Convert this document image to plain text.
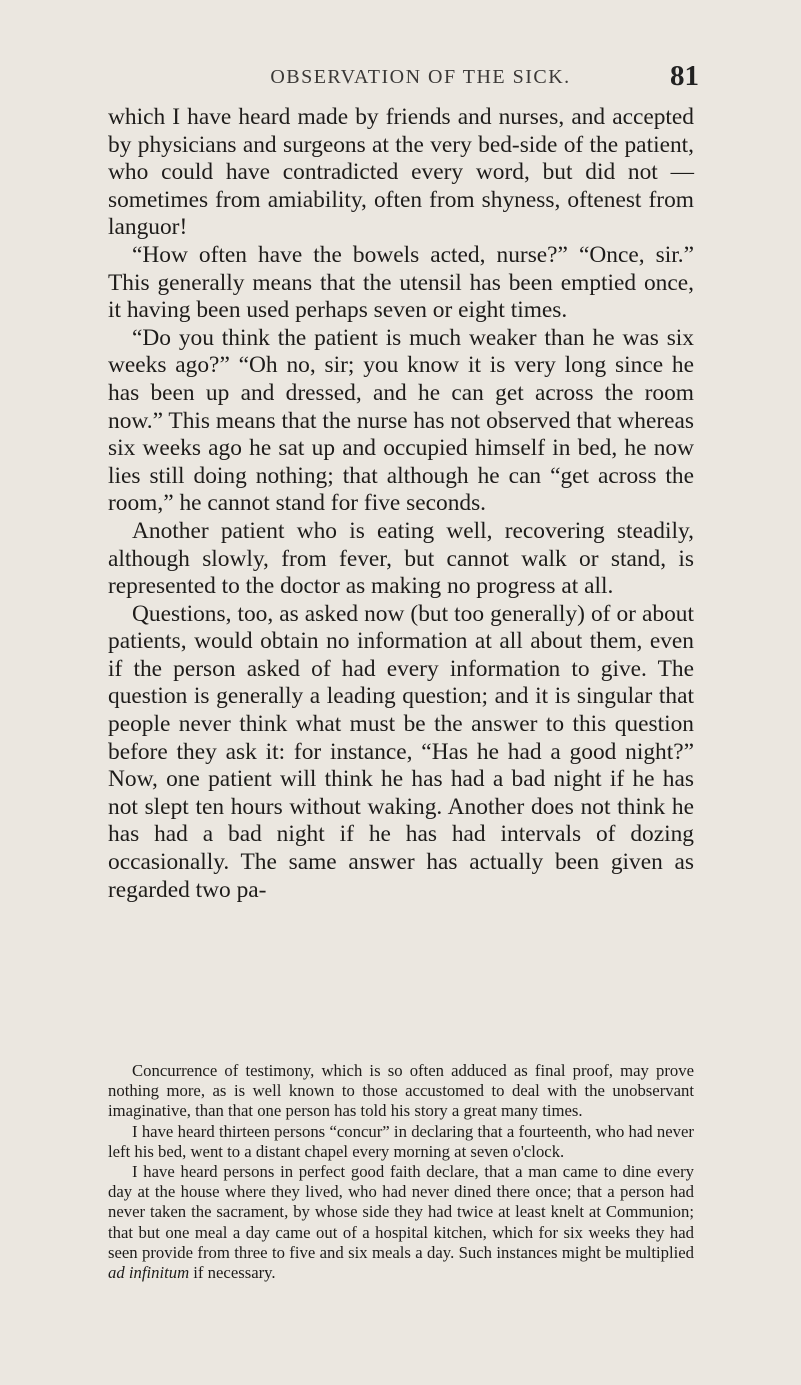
OBSERVATION OF THE SICK.	81

which I have heard made by friends and nurses, and accepted by physicians and surgeons at the very bed-side of the patient, who could have contradicted every word, but did not — sometimes from amiability, often from shyness, oftenest from languor!

“How often have the bowels acted, nurse?” “Once, sir.” This generally means that the utensil has been emptied once, it having been used perhaps seven or eight times.

“Do you think the patient is much weaker than he was six weeks ago?” “Oh no, sir; you know it is very long since he has been up and dressed, and he can get across the room now.” This means that the nurse has not observed that whereas six weeks ago he sat up and occupied himself in bed, he now lies still doing nothing; that although he can “get across the room,” he cannot stand for five seconds.

Another patient who is eating well, recovering steadily, although slowly, from fever, but cannot walk or stand, is represented to the doctor as making no progress at all.

Questions, too, as asked now (but too generally) of or about patients, would obtain no information at all about them, even if the person asked of had every information to give. The question is generally a leading question; and it is singular that people never think what must be the answer to this question before they ask it: for instance, “Has he had a good night?” Now, one patient will think he has had a bad night if he has not slept ten hours without waking. Another does not think he has had a bad night if he has had intervals of dozing occasionally. The same answer has actually been given as regarded two pa-

Concurrence of testimony, which is so often adduced as final proof, may prove nothing more, as is well known to those accustomed to deal with the unobservant imaginative, than that one person has told his story a great many times.

I have heard thirteen persons “concur” in declaring that a fourteenth, who had never left his bed, went to a distant chapel every morning at seven o'clock.

I have heard persons in perfect good faith declare, that a man came to dine every day at the house where they lived, who had never dined there once; that a person had never taken the sacrament, by whose side they had twice at least knelt at Communion; that but one meal a day came out of a hospital kitchen, which for six weeks they had seen provide from three to five and six meals a day. Such instances might be multiplied ad infinitum if necessary.
